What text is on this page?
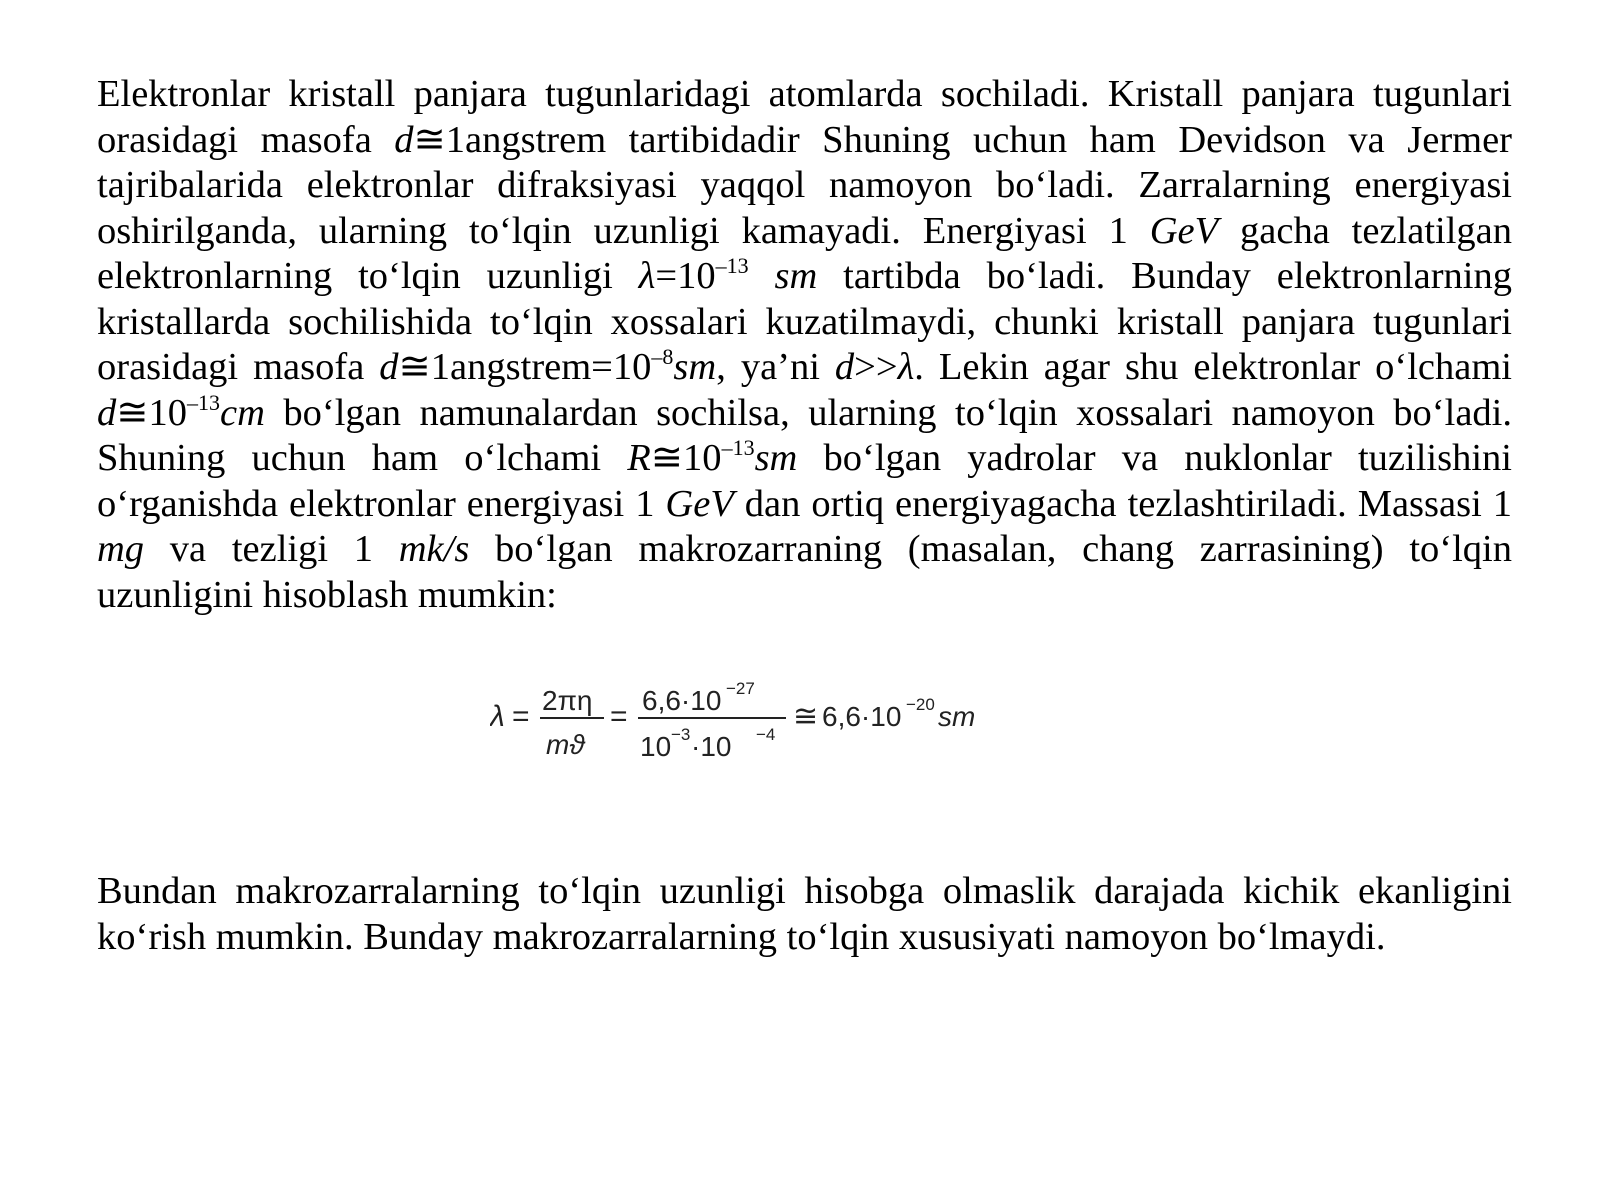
Elektronlar kristall panjara tugunlaridagi atomlarda sochiladi. Kristall panjara tugunlari orasidagi masofa d≅1angstrem tartibidadir Shuning uchun ham Devidson va Jermer tajribalarida elektronlar difraksiyasi yaqqol namoyon bo‘ladi. Zarralarning energiyasi oshirilganda, ularning to‘lqin uzunligi kamayadi. Energiyasi 1 GeV gacha tezlatilgan elektronlarning to‘lqin uzunligi $\lambda=10^{-13}$ sm tartibda bo‘ladi. Bunday elektronlarning kristallarda sochilishida to‘lqin xossalari kuzatilmaydi, chunki kristall panjara tugunlari orasidagi masofa $d≅1angstrem=10^{-8}sm$, ya’ni d>>λ. Lekin agar shu elektronlar o‘lchami $d≅10^{-13}cm$ bo‘lgan namunalardan sochilsa, ularning to‘lqin xossalari namoyon bo‘ladi. Shuning uchun ham o‘lchami $R≅10^{-13}sm$ bo‘lgan yadrolar va nuklonlar tuzilishini o‘rganishda elektronlar energiyasi 1 GeV dan ortiq energiyagacha tezlashtiriladi. Massasi 1 mg va tezligi 1 mk/s bo‘lgan makrozarraning (masalan, chang zarrasining) to‘lqin uzunligini hisoblash mumkin:

λ = 2πη
mϑ
= 6,6·10 −27
10 −3 ·10 −4
≅ 6,6·10 −20 sm

Bundan makrozarralarning to‘lqin uzunligi hisobga olmaslik darajada kichik ekanligini ko‘rish mumkin. Bunday makrozarralarning to‘lqin xususiyati namoyon bo‘lmaydi.
